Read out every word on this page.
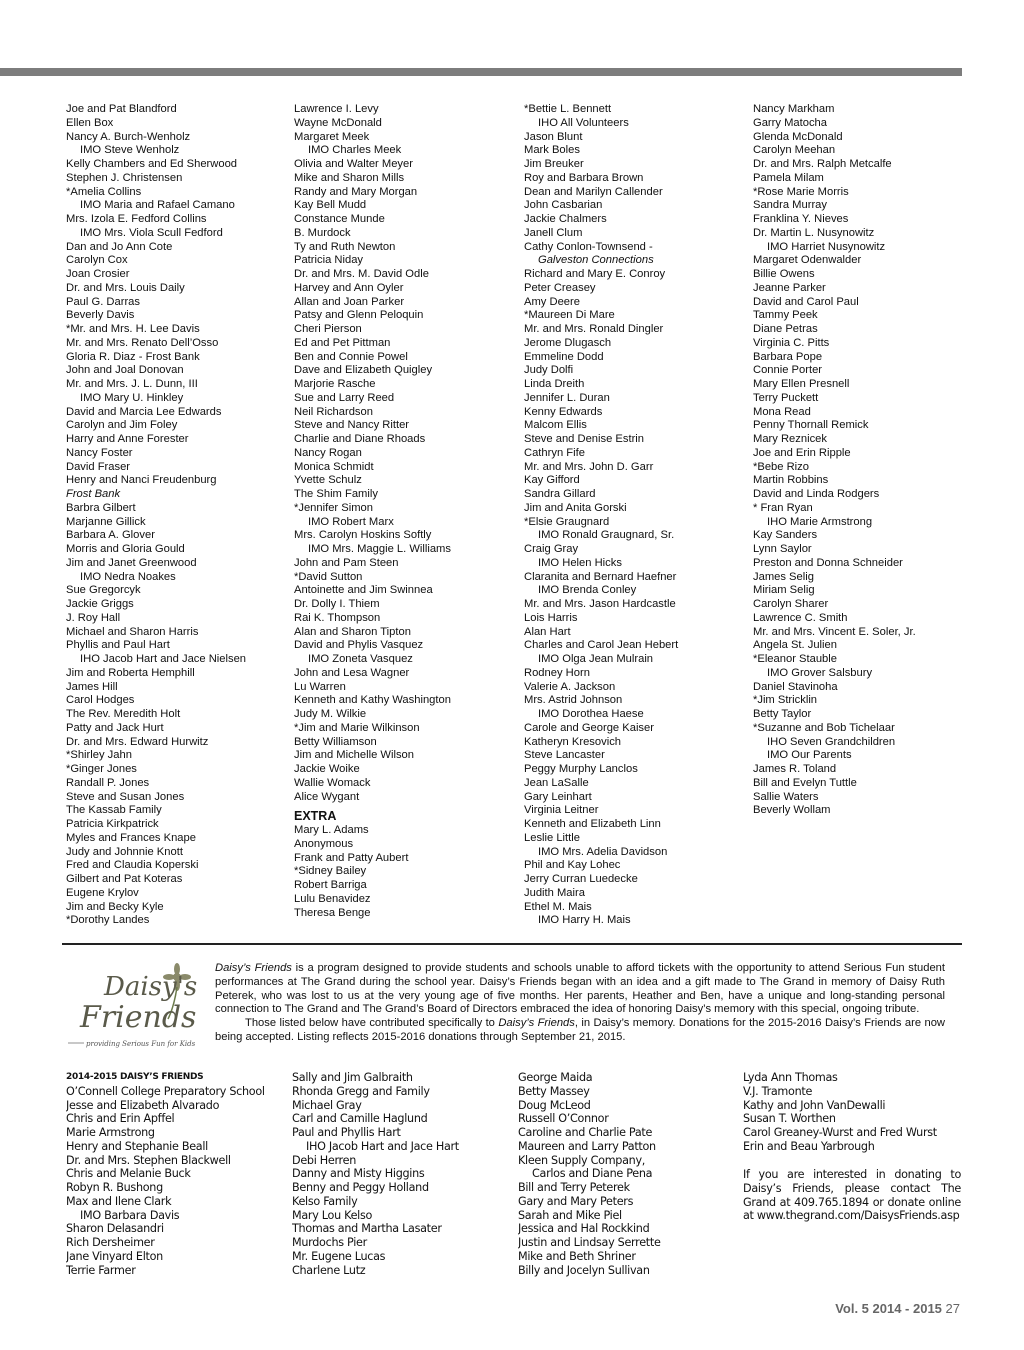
Joe and Pat Blandford
Ellen Box
Nancy A. Burch-Wenholz
IMO Steve Wenholz
Kelly Chambers and Ed Sherwood
Stephen J. Christensen
*Amelia Collins
IMO Maria and Rafael Camano
Mrs. Izola E. Fedford Collins
IMO Mrs. Viola Scull Fedford
Dan and Jo Ann Cote
Carolyn Cox
Joan Crosier
Dr. and Mrs. Louis Daily
Paul G. Darras
Beverly Davis
*Mr. and Mrs. H. Lee Davis
Mr. and Mrs. Renato Dell’Osso
Gloria R. Diaz - Frost Bank
John and Joal Donovan
Mr. and Mrs. J. L. Dunn, III
IMO Mary U. Hinkley
David and Marcia Lee Edwards
Carolyn and Jim Foley
Harry and Anne Forester
Nancy Foster
David Fraser
Henry and Nanci Freudenburg
Frost Bank
Barbra Gilbert
Marjanne Gillick
Barbara A. Glover
Morris and Gloria Gould
Jim and Janet Greenwood
IMO Nedra Noakes
Sue Gregorcyk
Jackie Griggs
J. Roy Hall
Michael and Sharon Harris
Phyllis and Paul Hart
IHO Jacob Hart and Jace Nielsen
Jim and Roberta Hemphill
James Hill
Carol Hodges
The Rev. Meredith Holt
Patty and Jack Hurt
Dr. and Mrs. Edward Hurwitz
*Shirley Jahn
*Ginger Jones
Randall P. Jones
Steve and Susan Jones
The Kassab Family
Patricia Kirkpatrick
Myles and Frances Knape
Judy and Johnnie Knott
Fred and Claudia Koperski
Gilbert and Pat Koteras
Eugene Krylov
Jim and Becky Kyle
*Dorothy Landes
Lawrence I. Levy
Wayne McDonald
Margaret Meek
IMO Charles Meek
Olivia and Walter Meyer
Mike and Sharon Mills
Randy and Mary Morgan
Kay Bell Mudd
Constance Munde
B. Murdock
Ty and Ruth Newton
Patricia Niday
Dr. and Mrs. M. David Odle
Harvey and Ann Oyler
Allan and Joan Parker
Patsy and Glenn Peloquin
Cheri Pierson
Ed and Pet Pittman
Ben and Connie Powel
Dave and Elizabeth Quigley
Marjorie Rasche
Sue and Larry Reed
Neil Richardson
Steve and Nancy Ritter
Charlie and Diane Rhoads
Nancy Rogan
Monica Schmidt
Yvette Schulz
The Shim Family
*Jennifer Simon
IMO Robert Marx
Mrs. Carolyn Hoskins Softly
IMO Mrs. Maggie L. Williams
John and Pam Steen
*David Sutton
Antoinette and Jim Swinnea
Dr. Dolly I. Thiem
Rai K. Thompson
Alan and Sharon Tipton
David and Phylis Vasquez
IMO Zoneta Vasquez
John and Lesa Wagner
Lu Warren
Kenneth and Kathy Washington
Judy M. Wilkie
*Jim and Marie Wilkinson
Betty Williamson
Jim and Michelle Wilson
Jackie Woike
Wallie Womack
Alice Wygant
EXTRA
Mary L. Adams
Anonymous
Frank and Patty Aubert
*Sidney Bailey
Robert Barriga
Lulu Benavidez
Theresa Benge
*Bettie L. Bennett
IHO All Volunteers
Jason Blunt
Mark Boles
Jim Breuker
Roy and Barbara Brown
Dean and Marilyn Callender
John Casbarian
Jackie Chalmers
Janell Clum
Cathy Conlon-Townsend -
Galveston Connections
Richard and Mary E. Conroy
Peter Creasey
Amy Deere
*Maureen Di Mare
Mr. and Mrs. Ronald Dingler
Jerome Dlugasch
Emmeline Dodd
Judy Dolfi
Linda Dreith
Jennifer L. Duran
Kenny Edwards
Malcom Ellis
Steve and Denise Estrin
Cathryn Fife
Mr. and Mrs. John D. Garr
Kay Gifford
Sandra Gillard
Jim and Anita Gorski
*Elsie Graugnard
IMO Ronald Graugnard, Sr.
Craig Gray
IMO Helen Hicks
Claranita and Bernard Haefner
IMO Brenda Conley
Mr. and Mrs. Jason Hardcastle
Lois Harris
Alan Hart
Charles and Carol Jean Hebert
IMO Olga Jean Mulrain
Rodney Horn
Valerie A. Jackson
Mrs. Astrid Johnson
IMO Dorothea Haese
Carole and George Kaiser
Katheryn Kresovich
Steve Lancaster
Peggy Murphy Lanclos
Jean LaSalle
Gary Leinhart
Virginia Leitner
Kenneth and Elizabeth Linn
Leslie Little
IMO Mrs. Adelia Davidson
Phil and Kay Lohec
Jerry Curran Luedecke
Judith Maira
Ethel M. Mais
IMO Harry H. Mais
Nancy Markham
Garry Matocha
Glenda McDonald
Carolyn Meehan
Dr. and Mrs. Ralph Metcalfe
Pamela Milam
*Rose Marie Morris
Sandra Murray
Franklina Y. Nieves
Dr. Martin L. Nusynowitz
IMO Harriet Nusynowitz
Margaret Odenwalder
Billie Owens
Jeanne Parker
David and Carol Paul
Tammy Peek
Diane Petras
Virginia C. Pitts
Barbara Pope
Connie Porter
Mary Ellen Presnell
Terry Puckett
Mona Read
Penny Thornall Remick
Mary Reznicek
Joe and Erin Ripple
*Bebe Rizo
Martin Robbins
David and Linda Rodgers
* Fran Ryan
IHO Marie Armstrong
Kay Sanders
Lynn Saylor
Preston and Donna Schneider
James Selig
Miriam Selig
Carolyn Sharer
Lawrence C. Smith
Mr. and Mrs. Vincent E. Soler, Jr.
Angela St. Julien
*Eleanor Stauble
IMO Grover Salsbury
Daniel Stavinoha
*Jim Stricklin
Betty Taylor
*Suzanne and Bob Tichelaar
IHO Seven Grandchildren
IMO Our Parents
James R. Toland
Bill and Evelyn Tuttle
Sallie Waters
Beverly Wollam
Daisy's
Friends
providing Serious Fun for Kids

Daisy’s Friends is a program designed to provide students and schools unable to afford tickets with the opportunity to attend Serious Fun student performances at The Grand during the school year. Daisy’s Friends began with an idea and a gift made to The Grand in memory of Daisy Ruth Peterek, who was lost to us at the very young age of five months. Her parents, Heather and Ben, have a unique and long-standing personal connection to The Grand and The Grand’s Board of Directors embraced the idea of honoring Daisy’s memory with this special, ongoing tribute.

Those listed below have contributed specifically to Daisy’s Friends, in Daisy’s memory. Donations for the 2015-2016 Daisy’s Friends are now being accepted. Listing reflects 2015-2016 donations through September 21, 2015.

2014-2015 DAISY’S FRIENDS
O’Connell College Preparatory School
Jesse and Elizabeth Alvarado
Chris and Erin Apffel
Marie Armstrong
Henry and Stephanie Beall
Dr. and Mrs. Stephen Blackwell
Chris and Melanie Buck
Robyn R. Bushong
Max and Ilene Clark
IMO Barbara Davis
Sharon Delasandri
Rich Dersheimer
Jane Vinyard Elton
Terrie Farmer
Sally and Jim Galbraith
Rhonda Gregg and Family
Michael Gray
Carl and Camille Haglund
Paul and Phyllis Hart
IHO Jacob Hart and Jace Hart
Debi Herren
Danny and Misty Higgins
Benny and Peggy Holland
Kelso Family
Mary Lou Kelso
Thomas and Martha Lasater
Murdochs Pier
Mr. Eugene Lucas
Charlene Lutz
George Maida
Betty Massey
Doug McLeod
Russell O’Connor
Caroline and Charlie Pate
Maureen and Larry Patton
Kleen Supply Company,
Carlos and Diane Pena
Bill and Terry Peterek
Gary and Mary Peters
Sarah and Mike Piel
Jessica and Hal Rockkind
Justin and Lindsay Serrette
Mike and Beth Shriner
Billy and Jocelyn Sullivan
Lyda Ann Thomas
V.J. Tramonte
Kathy and John VanDewalli
Susan T. Worthen
Carol Greaney-Wurst and Fred Wurst
Erin and Beau Yarbrough
If you are interested in donating to Daisy’s Friends, please contact The Grand at 409.765.1894 or donate online at www.thegrand.com/DaisysFriends.asp
Vol. 5 2014 - 2015 27
